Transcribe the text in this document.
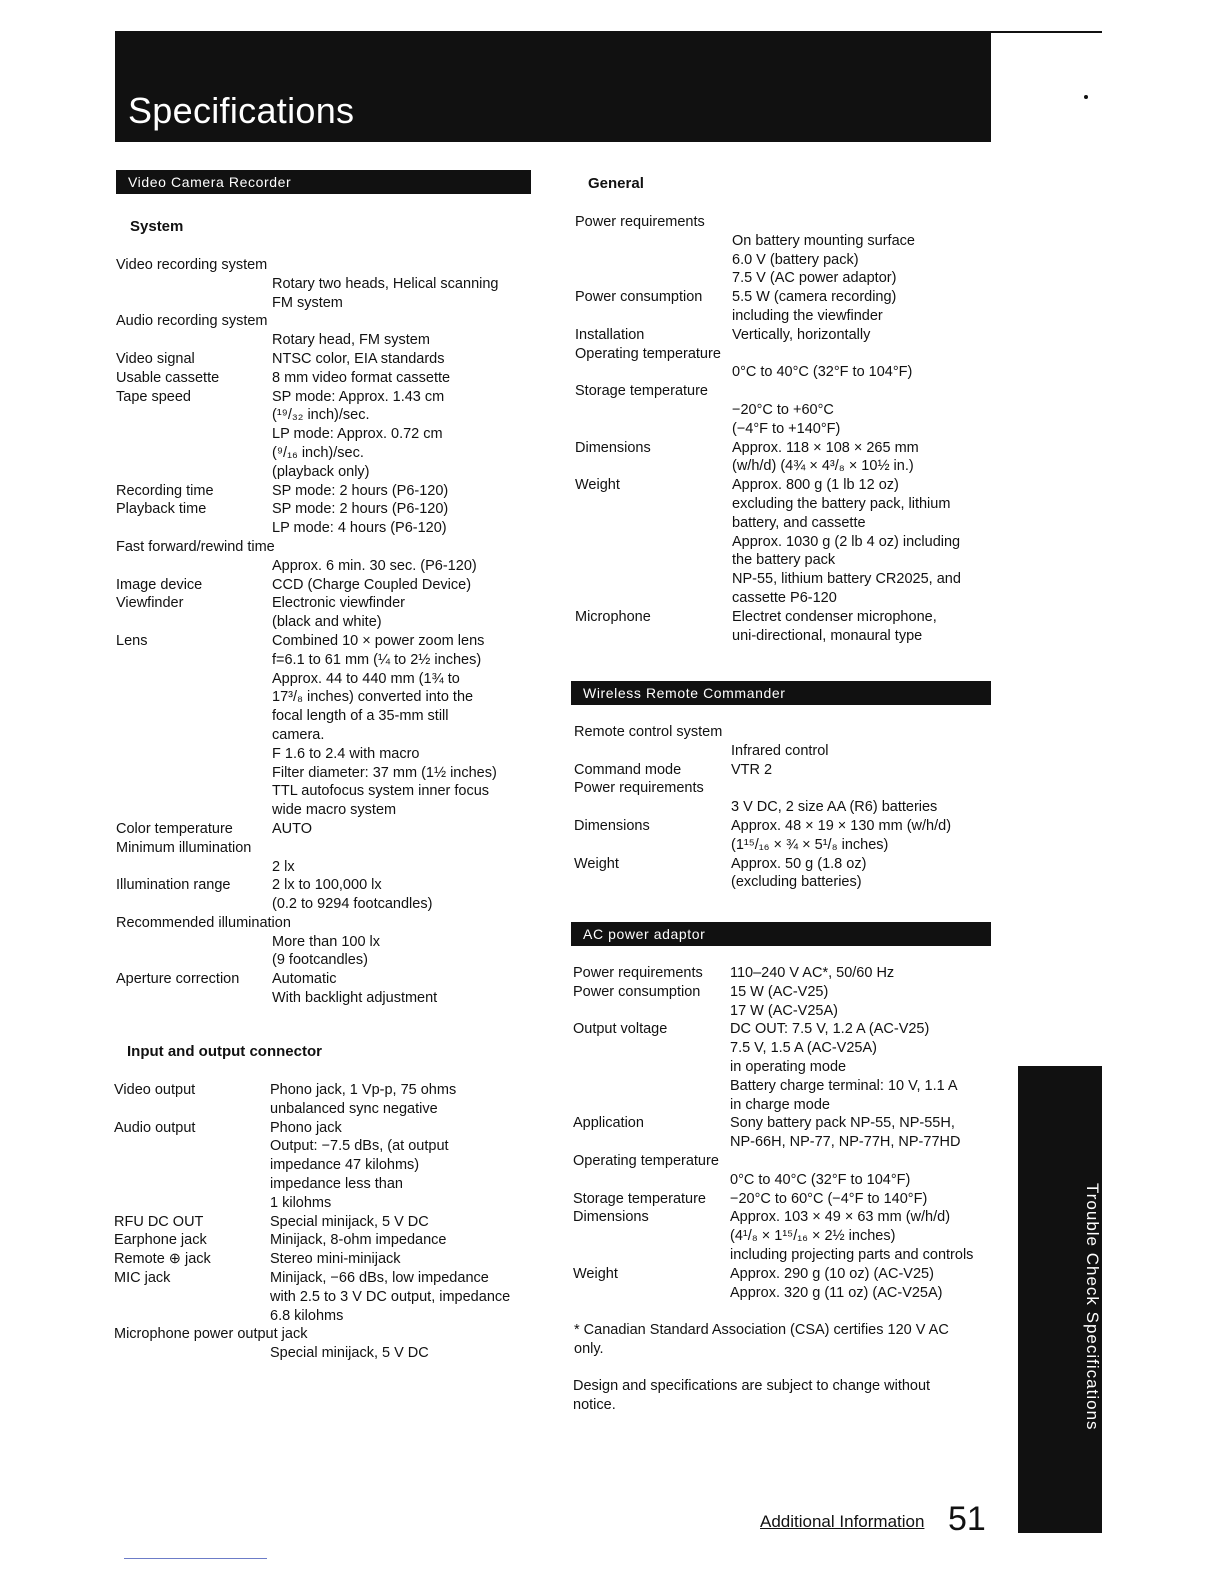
Specifications
Video Camera Recorder
System
Video recording system
Rotary two heads, Helical scanning
FM system
Audio recording system
Rotary head, FM system
Video signal	NTSC color, EIA standards
Usable cassette	8 mm video format cassette
Tape speed	SP mode: Approx. 1.43 cm
(¹⁹/₃₂ inch)/sec.
LP mode: Approx. 0.72 cm
(⁹/₁₆ inch)/sec.
(playback only)
Recording time	SP mode: 2 hours (P6-120)
Playback time	SP mode: 2 hours (P6-120)
LP mode: 4 hours (P6-120)
Fast forward/rewind time
Approx. 6 min. 30 sec. (P6-120)
Image device	CCD (Charge Coupled Device)
Viewfinder	Electronic viewfinder
(black and white)
Lens	Combined 10 × power zoom lens
f=6.1 to 61 mm (¼ to 2½ inches)
Approx. 44 to 440 mm (1¾ to
17³/₈ inches) converted into the
focal length of a 35-mm still
camera.
F 1.6 to 2.4 with macro
Filter diameter: 37 mm (1½ inches)
TTL autofocus system inner focus
wide macro system
Color temperature	AUTO
Minimum illumination
2 lx
Illumination range	2 lx to 100,000 lx
(0.2 to 9294 footcandles)
Recommended illumination
More than 100 lx
(9 footcandles)
Aperture correction	Automatic
With backlight adjustment
Input and output connector
Video output	Phono jack, 1 Vp-p, 75 ohms
unbalanced sync negative
Audio output	Phono jack
Output: −7.5 dBs, (at output
impedance 47 kilohms)
impedance less than
1 kilohms
RFU DC OUT	Special minijack, 5 V DC
Earphone jack	Minijack, 8-ohm impedance
Remote ⊕ jack	Stereo mini-minijack
MIC jack	Minijack, −66 dBs, low impedance
with 2.5 to 3 V DC output, impedance
6.8 kilohms
Microphone power output jack
Special minijack, 5 V DC
General
Power requirements
On battery mounting surface
6.0 V (battery pack)
7.5 V (AC power adaptor)
Power consumption	5.5 W (camera recording)
including the viewfinder
Installation	Vertically, horizontally
Operating temperature
0°C to 40°C (32°F to 104°F)
Storage temperature
−20°C to +60°C
(−4°F to +140°F)
Dimensions	Approx. 118 × 108 × 265 mm
(w/h/d) (4¾ × 4³/₈ × 10½ in.)
Weight	Approx. 800 g (1 lb 12 oz)
excluding the battery pack, lithium
battery, and cassette
Approx. 1030 g (2 lb 4 oz) including
the battery pack
NP-55, lithium battery CR2025, and
cassette P6-120
Microphone	Electret condenser microphone,
uni-directional, monaural type
Wireless Remote Commander
Remote control system
Infrared control
Command mode	VTR 2
Power requirements
3 V DC, 2 size AA (R6) batteries
Dimensions	Approx. 48 × 19 × 130 mm (w/h/d)
(1¹⁵/₁₆ × ¾ × 5¹/₈ inches)
Weight	Approx. 50 g (1.8 oz)
(excluding batteries)
AC power adaptor
Power requirements	110–240 V AC*, 50/60 Hz
Power consumption	15 W (AC-V25)
17 W (AC-V25A)
Output voltage	DC OUT: 7.5 V, 1.2 A (AC-V25)
7.5 V, 1.5 A (AC-V25A)
in operating mode
Battery charge terminal: 10 V, 1.1 A
in charge mode
Application	Sony battery pack NP-55, NP-55H,
NP-66H, NP-77, NP-77H, NP-77HD
Operating temperature
0°C to 40°C (32°F to 104°F)
Storage temperature	−20°C to 60°C (−4°F to 140°F)
Dimensions	Approx. 103 × 49 × 63 mm (w/h/d)
(4¹/₈ × 1¹⁵/₁₆ × 2½ inches)
including projecting parts and controls
Weight	Approx. 290 g (10 oz) (AC-V25)
Approx. 320 g (11 oz) (AC-V25A)
* Canadian Standard Association (CSA) certifies 120 V AC
only.
Design and specifications are subject to change without
notice.	Trouble Check Specifications
Additional Information 51
